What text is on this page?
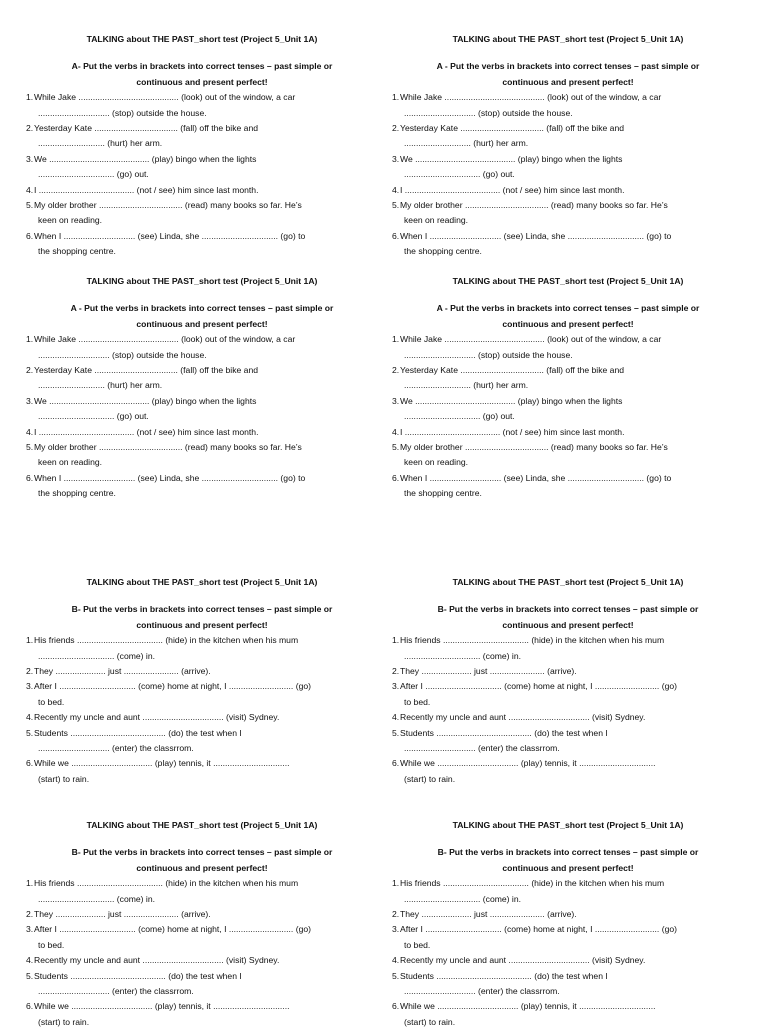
TALKING about THE PAST_short test (Project 5_Unit 1A)
A- Put the verbs in brackets into correct tenses – past simple or
continuous and present perfect!
1. While Jake .......................................... (look) out of the window, a car
.............................. (stop) outside the house.
2. Yesterday Kate ................................... (fall) off the bike and
............................ (hurt) her arm.
3. We .......................................... (play) bingo when the lights
................................ (go) out.
4. I ........................................ (not / see) him since last month.
5. My older brother ................................... (read) many books so far. He’s
keen on reading.
6. When I .............................. (see) Linda, she ................................ (go) to
the shopping centre.
TALKING about THE PAST_short test (Project 5_Unit 1A)
A - Put the verbs in brackets into correct tenses – past simple or
continuous and present perfect!
1. While Jake .......................................... (look) out of the window, a car
.............................. (stop) outside the house.
2. Yesterday Kate ................................... (fall) off the bike and
............................ (hurt) her arm.
3. We .......................................... (play) bingo when the lights
................................ (go) out.
4. I ........................................ (not / see) him since last month.
5. My older brother ................................... (read) many books so far. He’s
keen on reading.
6. When I .............................. (see) Linda, she ................................ (go) to
the shopping centre.
TALKING about THE PAST_short test (Project 5_Unit 1A)
A - Put the verbs in brackets into correct tenses – past simple or
continuous and present perfect!
1. While Jake .......................................... (look) out of the window, a car
.............................. (stop) outside the house.
2. Yesterday Kate ................................... (fall) off the bike and
............................ (hurt) her arm.
3. We .......................................... (play) bingo when the lights
................................ (go) out.
4. I ........................................ (not / see) him since last month.
5. My older brother ................................... (read) many books so far. He’s
keen on reading.
6. When I .............................. (see) Linda, she ................................ (go) to
the shopping centre.
TALKING about THE PAST_short test (Project 5_Unit 1A)
A - Put the verbs in brackets into correct tenses – past simple or
continuous and present perfect!
1. While Jake .......................................... (look) out of the window, a car
.............................. (stop) outside the house.
2. Yesterday Kate ................................... (fall) off the bike and
............................ (hurt) her arm.
3. We .......................................... (play) bingo when the lights
................................ (go) out.
4. I ........................................ (not / see) him since last month.
5. My older brother ................................... (read) many books so far. He’s
keen on reading.
6. When I .............................. (see) Linda, she ................................ (go) to
the shopping centre.
TALKING about THE PAST_short test (Project 5_Unit 1A)
B- Put the verbs in brackets into correct tenses – past simple or
continuous and present perfect!
1. His friends .................................... (hide) in the kitchen when his mum
................................ (come) in.
2. They ..................... just ....................... (arrive).
3. After I ................................ (come) home at night, I ........................... (go)
to bed.
4. Recently my uncle and aunt .................................. (visit) Sydney.
5. Students ........................................ (do) the test when I
.............................. (enter) the classrrom.
6. While we .................................. (play) tennis, it ................................
(start) to rain.
TALKING about THE PAST_short test (Project 5_Unit 1A)
B- Put the verbs in brackets into correct tenses – past simple or
continuous and present perfect!
1. His friends .................................... (hide) in the kitchen when his mum
................................ (come) in.
2. They ..................... just ....................... (arrive).
3. After I ................................ (come) home at night, I ........................... (go)
to bed.
4. Recently my uncle and aunt .................................. (visit) Sydney.
5. Students ........................................ (do) the test when I
.............................. (enter) the classrrom.
6. While we .................................. (play) tennis, it ................................
(start) to rain.
TALKING about THE PAST_short test (Project 5_Unit 1A)
B- Put the verbs in brackets into correct tenses – past simple or
continuous and present perfect!
1. His friends .................................... (hide) in the kitchen when his mum
................................ (come) in.
2. They ..................... just ....................... (arrive).
3. After I ................................ (come) home at night, I ........................... (go)
to bed.
4. Recently my uncle and aunt .................................. (visit) Sydney.
5. Students ........................................ (do) the test when I
.............................. (enter) the classrrom.
6. While we .................................. (play) tennis, it ................................
(start) to rain.
TALKING about THE PAST_short test (Project 5_Unit 1A)
B- Put the verbs in brackets into correct tenses – past simple or
continuous and present perfect!
1. His friends .................................... (hide) in the kitchen when his mum
................................ (come) in.
2. They ..................... just ....................... (arrive).
3. After I ................................ (come) home at night, I ........................... (go)
to bed.
4. Recently my uncle and aunt .................................. (visit) Sydney.
5. Students ........................................ (do) the test when I
.............................. (enter) the classrrom.
6. While we .................................. (play) tennis, it ................................
(start) to rain.
